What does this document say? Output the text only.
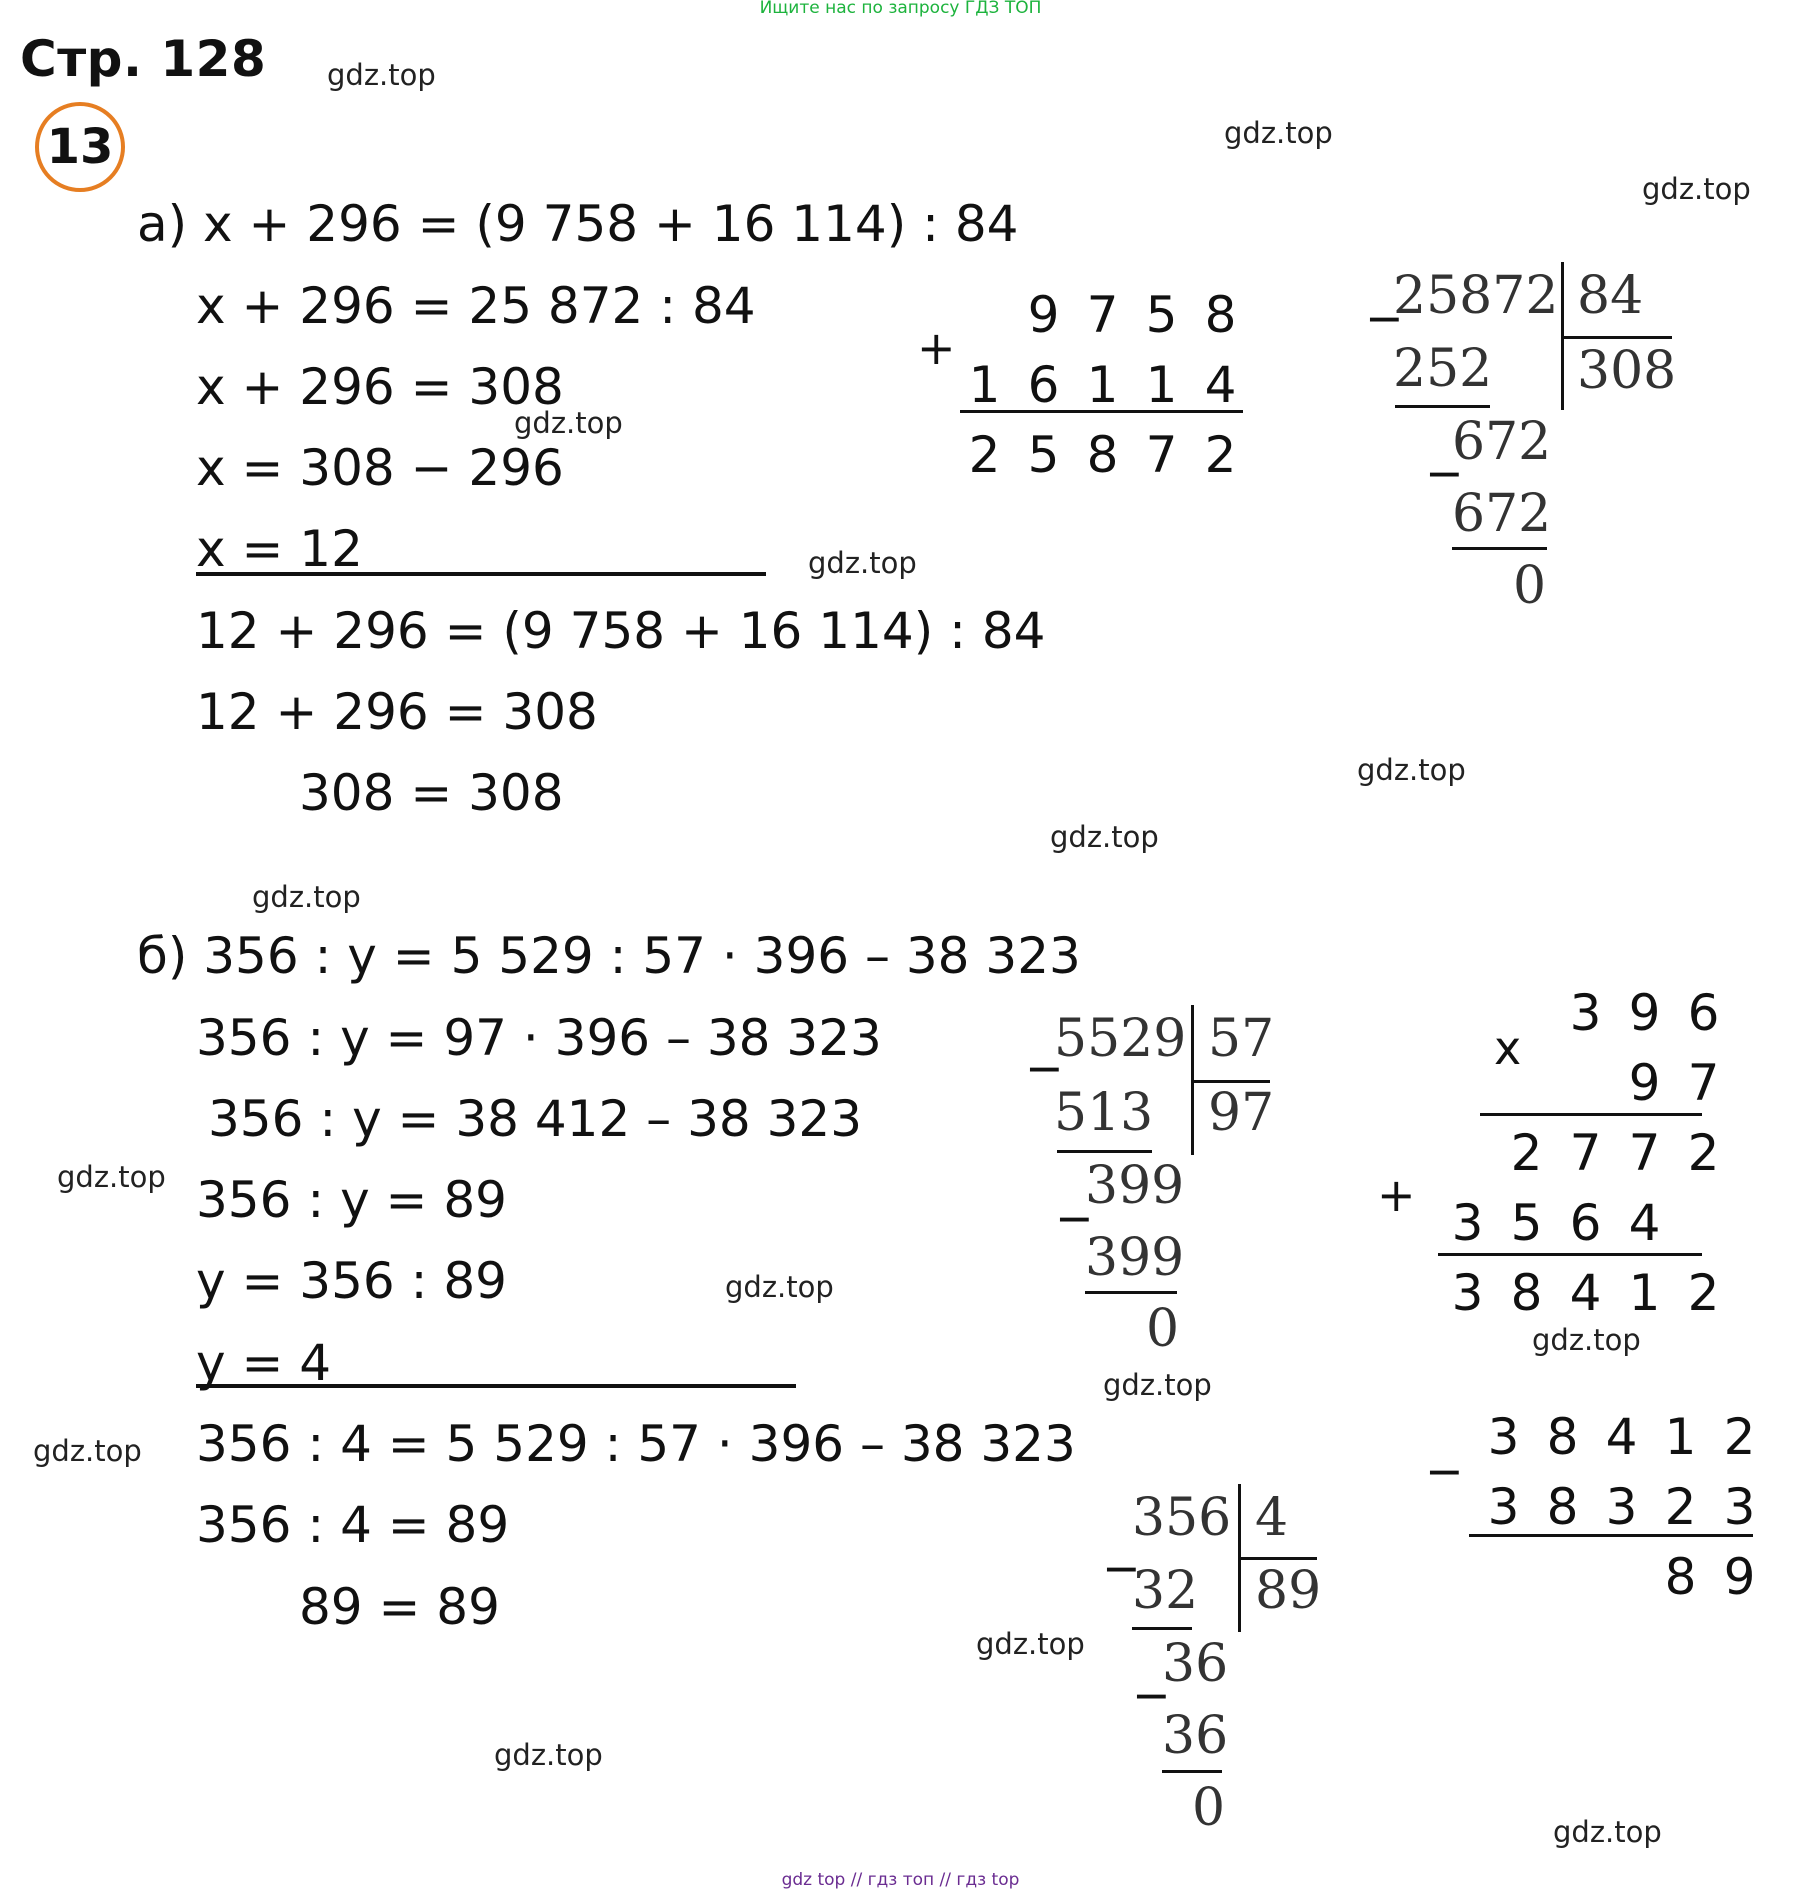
Ищите нас по запросу ГДЗ ТОП
Стр. 128
13
gdz.top
gdz.top
gdz.top
gdz.top
gdz.top
gdz.top
gdz.top
gdz.top
gdz.top
gdz.top
gdz.top
gdz.top
gdz.top
gdz.top
gdz.top
gdz.top
а) x + 296 = (9 758 + 16 114) : 84
x + 296 = 25 872 : 84
x + 296 = 308
x = 308 − 296
x = 12
12 + 296 = (9 758 + 16 114) : 84
12 + 296 = 308
308 = 308
+
9 7 5 8
1 6 1 1 4
2 5 8 7 2
−
25872 84
308
252
672
−
672
0
б) 356 : y = 5 529 : 57 · 396 – 38 323
356 : y = 97 · 396 – 38 323
356 : y = 38 412 – 38 323
356 : y = 89
y = 356 : 89
y = 4
356 : 4 = 5 529 : 57 · 396 – 38 323
356 : 4 = 89
89 = 89
−
5529 57
97
513
399
−
399
0
x
3 9 6
9 7
+
2 7 7 2
3 5 6 4
3 8 4 1 2
−
3 8 4 1 2
3 8 3 2 3
8 9
−
356 4
89
32
36
−
36
0
gdz top // гдз топ // гдз top
